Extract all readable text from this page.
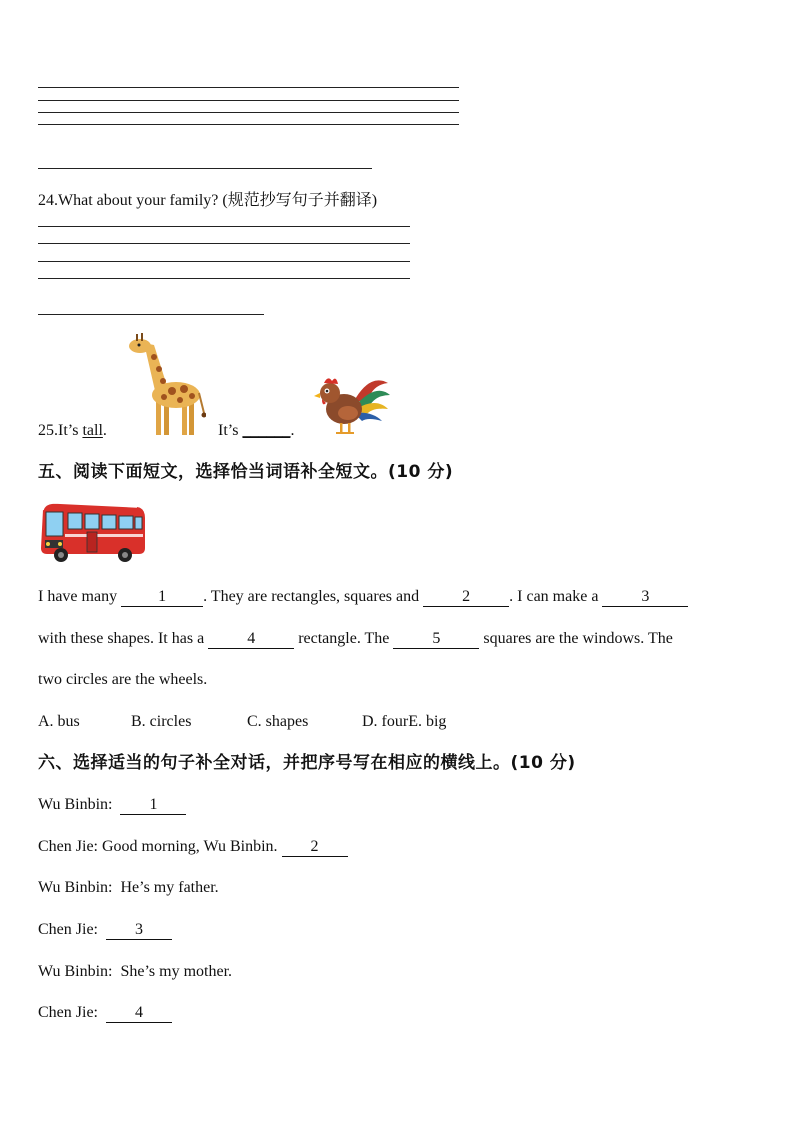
24.What about your family? (规范抄写句子并翻译)
25.It’s tall.	It’s ______.
五、阅读下面短文，选择恰当词语补全短文。(10 分)
I have many 1 . They are rectangles, squares and 2 . I can make a 3
with these shapes. It has a 4 rectangle. The 5 squares are the windows. The
two circles are the wheels.
A. bus	B. circles	C. shapes	D. fourE. big
六、选择适当的句子补全对话，并把序号写在相应的横线上。(10 分)
Wu Binbin: 1
Chen Jie: Good morning, Wu Binbin. 2
Wu Binbin: He’s my father.
Chen Jie: 3
Wu Binbin: She’s my mother.
Chen Jie: 4
